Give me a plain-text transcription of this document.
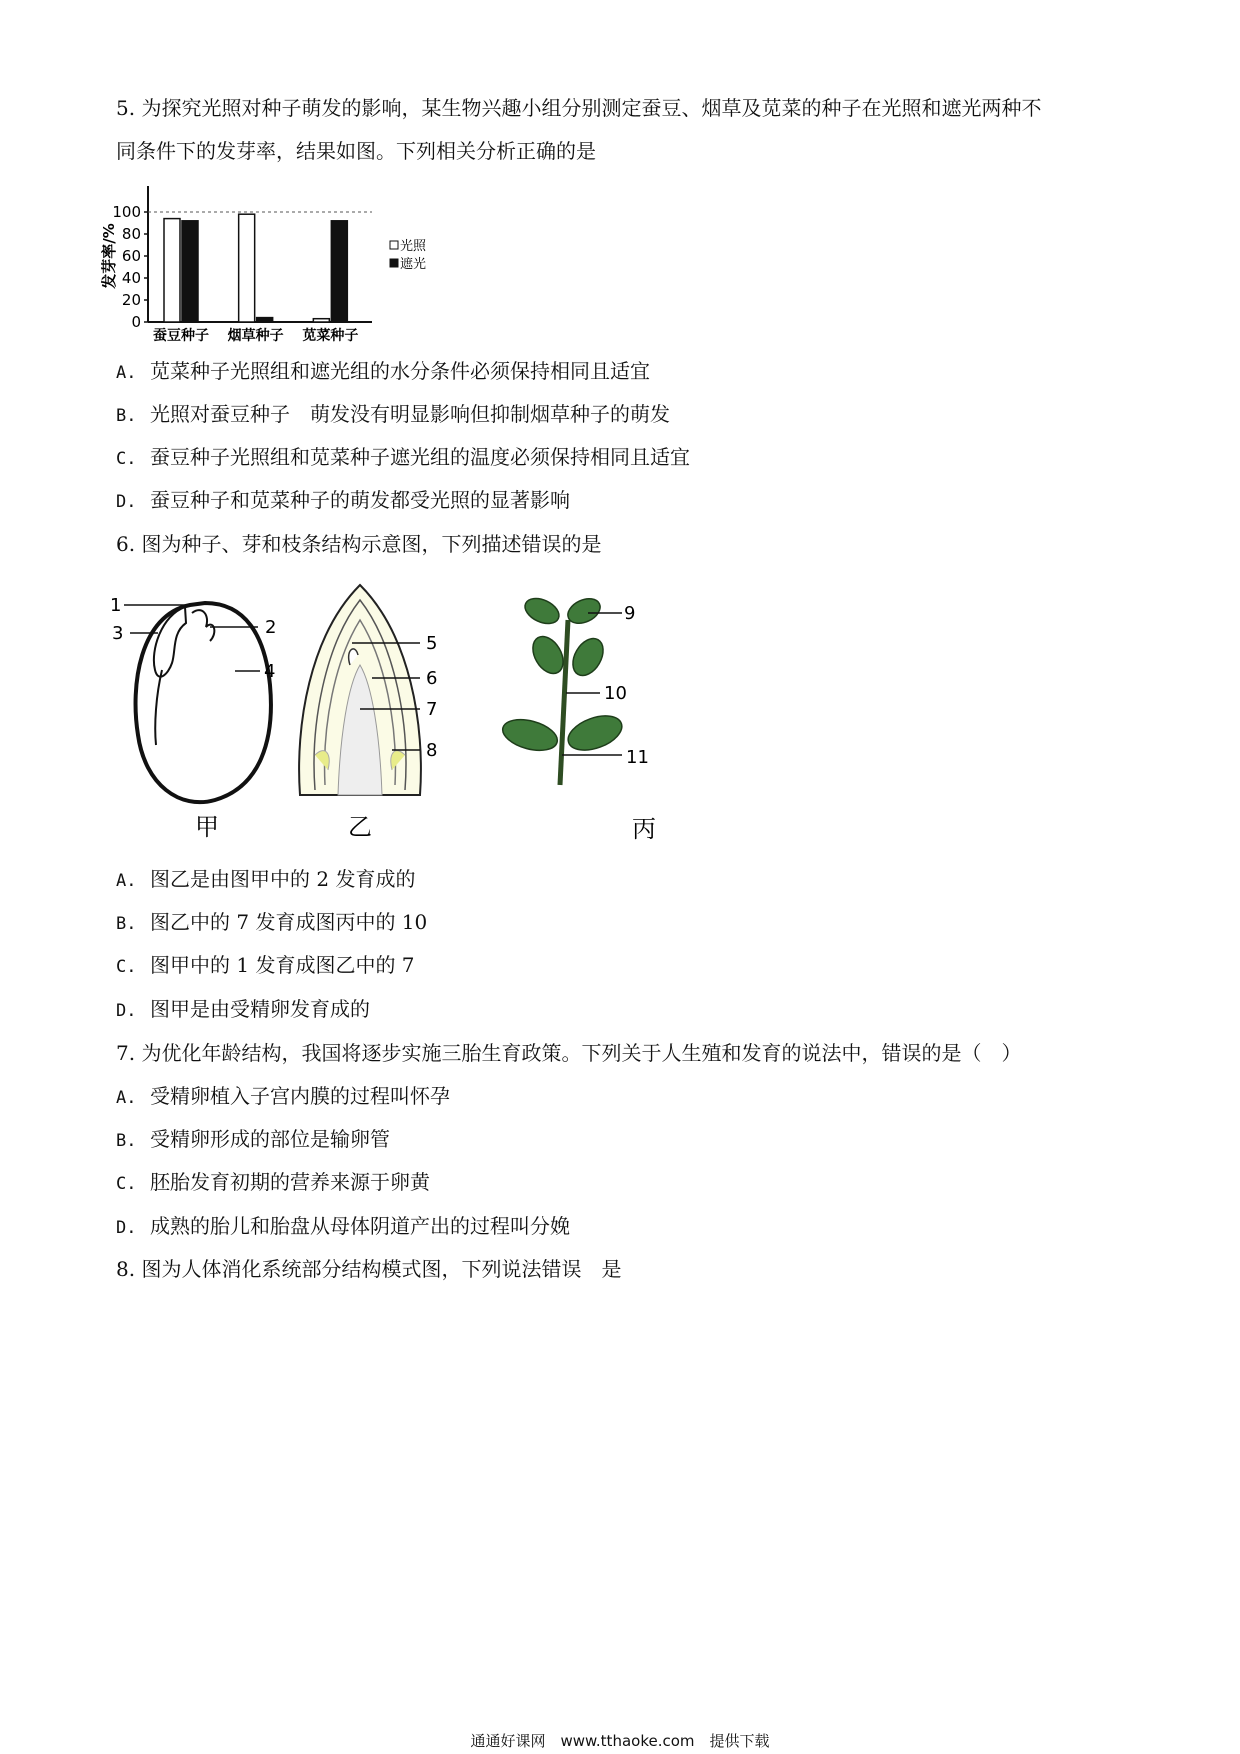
5. 为探究光照对种子萌发的影响，某生物兴趣小组分别测定蚕豆、烟草及苋菜的种子在光照和遮光两种不
同条件下的发芽率，结果如图。下列相关分析正确的是
0
20
40
60
80
100
发芽率/%
蚕豆种子 烟草种子 苋菜种子
光照
遮光
A. 苋菜种子光照组和遮光组的水分条件必须保持相同且适宜
B. 光照对蚕豆种子　萌发没有明显影响但抑制烟草种子的萌发
C. 蚕豆种子光照组和苋菜种子遮光组的温度必须保持相同且适宜
D. 蚕豆种子和苋菜种子的萌发都受光照的显著影响
6. 图为种子、芽和枝条结构示意图，下列描述错误的是
1
2
3
4
甲
5
6
7
8
乙
9
10
11
丙
A. 图乙是由图甲中的 2 发育成的
B. 图乙中的 7 发育成图丙中的 10
C. 图甲中的 1 发育成图乙中的 7
D. 图甲是由受精卵发育成的
7. 为优化年龄结构，我国将逐步实施三胎生育政策。下列关于人生殖和发育的说法中，错误的是（　）
A. 受精卵植入子宫内膜的过程叫怀孕
B. 受精卵形成的部位是输卵管
C. 胚胎发育初期的营养来源于卵黄
D. 成熟的胎儿和胎盘从母体阴道产出的过程叫分娩
8. 图为人体消化系统部分结构模式图，下列说法错误　是
通通好课网　www.tthaoke.com　提供下载
